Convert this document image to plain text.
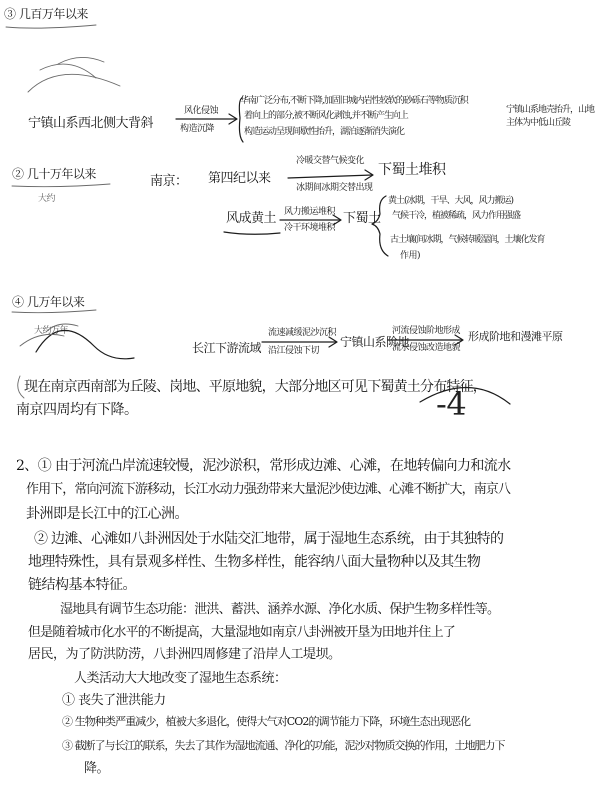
③ 几百万年以来
宁镇山系西北侧大背斜
风化侵蚀
构造沉降
华南广泛分布,不断下降,加固旧城内岩性较软的砂砾石等物质沉积
着向上的部分,被不断风化剥蚀,并不断产生向上
构造运动呈现间歇性抬升，湖泊逐渐消失演化
宁镇山系地壳抬升，山地主体为中低山丘陵
② 几十万年以来
大约
南京： 第四纪以来
冷暖交替气候变化
冰期间冰期交替出现
下蜀土堆积
风成黄土 风力搬运堆积
冷干环境堆积
下蜀土
黄土(冰期，干旱、大风，风力搬运)
气候干冷，植被稀疏，风力作用强盛
古土壤(间冰期，气候转暖湿润，土壤化发育
作用)
④ 几万年以来
大约万年
长江下游流域
流速减缓泥沙沉积
沿江侵蚀下切
宁镇山系阶地
河流侵蚀阶地形成
流水侵蚀改造地貌
形成阶地和漫滩平原
现在南京西南部为丘陵、岗地、平原地貌，大部分地区可见下蜀黄土分布特征，
南京四周均有下降。	-4
2、① 由于河流凸岸流速较慢，泥沙淤积，常形成边滩、心滩，在地转偏向力和流水
作用下，常向河流下游移动，长江水动力强劲带来大量泥沙使边滩、心滩不断扩大，南京八
卦洲即是长江中的江心洲。
② 边滩、心滩如八卦洲因处于水陆交汇地带，属于湿地生态系统，由于其独特的
地理特殊性，具有景观多样性、生物多样性，能容纳八面大量物种以及其生物
链结构基本特征。
湿地具有调节生态功能：泄洪、蓄洪、涵养水源、净化水质、保护生物多样性等。
但是随着城市化水平的不断提高，大量湿地如南京八卦洲被开垦为田地并住上了
居民，为了防洪防涝，八卦洲四周修建了沿岸人工堤坝。
人类活动大大地改变了湿地生态系统：
① 丧失了泄洪能力
② 生物种类严重减少，植被大多退化，使得大气对CO2的调节能力下降，环境生态出现恶化
③ 截断了与长江的联系，失去了其作为湿地流通、净化的功能，泥沙对物质交换的作用，土地肥力下
降。
